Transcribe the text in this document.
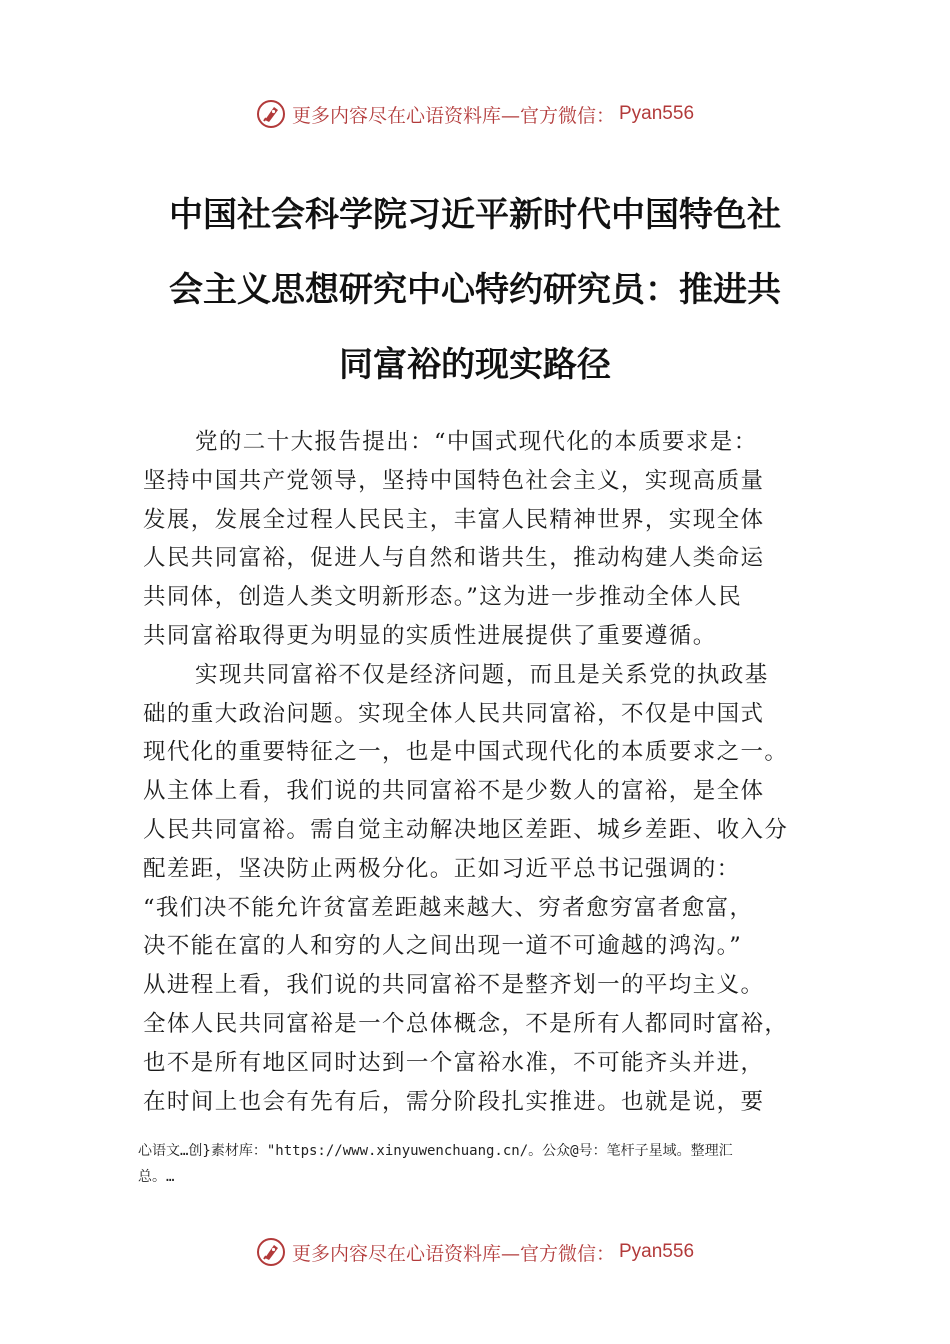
更多内容尽在心语资料库—官方微信： Pyan556
中国社会科学院习近平新时代中国特色社
会主义思想研究中心特约研究员：推进共
同富裕的现实路径
党的二十大报告提出：“中国式现代化的本质要求是：
坚持中国共产党领导，坚持中国特色社会主义，实现高质量
发展，发展全过程人民民主，丰富人民精神世界，实现全体
人民共同富裕，促进人与自然和谐共生，推动构建人类命运
共同体，创造人类文明新形态。”这为进一步推动全体人民
共同富裕取得更为明显的实质性进展提供了重要遵循。
实现共同富裕不仅是经济问题，而且是关系党的执政基
础的重大政治问题。实现全体人民共同富裕，不仅是中国式
现代化的重要特征之一，也是中国式现代化的本质要求之一。
从主体上看，我们说的共同富裕不是少数人的富裕，是全体
人民共同富裕。需自觉主动解决地区差距、城乡差距、收入分
配差距，坚决防止两极分化。正如习近平总书记强调的：
“我们决不能允许贫富差距越来越大、穷者愈穷富者愈富，
决不能在富的人和穷的人之间出现一道不可逾越的鸿沟。”
从进程上看，我们说的共同富裕不是整齐划一的平均主义。
全体人民共同富裕是一个总体概念，不是所有人都同时富裕，
也不是所有地区同时达到一个富裕水准，不可能齐头并进，
在时间上也会有先有后，需分阶段扎实推进。也就是说，要
心语文…创}素材库："https://www.xinyuwenchuang.cn/。公众@号：笔杆子星域。整理汇
总。…
更多内容尽在心语资料库—官方微信： Pyan556
